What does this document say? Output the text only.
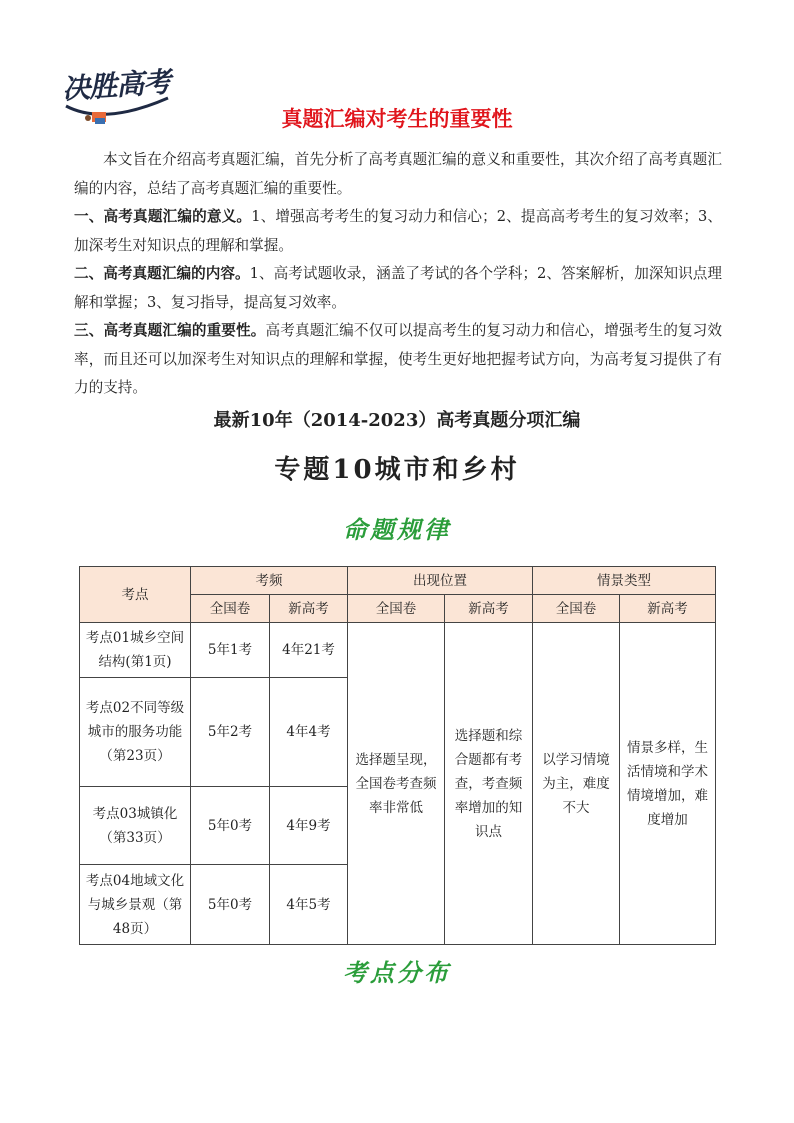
决胜高考
真题汇编对考生的重要性

本文旨在介绍高考真题汇编，首先分析了高考真题汇编的意义和重要性，其次介绍了高考真题汇编的内容，总结了高考真题汇编的重要性。

一、高考真题汇编的意义。1、增强高考考生的复习动力和信心；2、提高高考考生的复习效率；3、加深考生对知识点的理解和掌握。

二、高考真题汇编的内容。1、高考试题收录，涵盖了考试的各个学科；2、答案解析，加深知识点理解和掌握；3、复习指导，提高复习效率。

三、高考真题汇编的重要性。高考真题汇编不仅可以提高考生的复习动力和信心，增强考生的复习效率，而且还可以加深考生对知识点的理解和掌握，使考生更好地把握考试方向，为高考复习提供了有力的支持。

最新10年（2014-2023）高考真题分项汇编
专题10城市和乡村
命题规律
考点	考频		出现位置		情景类型	
	全国卷	新高考	全国卷	新高考	全国卷	新高考
考点01城乡空间结构(第1页)	5年1考	4年21考	选择题呈现，全国卷考查频率非常低	选择题和综合题都有考查，考查频率增加的知识点	以学习情境为主，难度不大	情景多样，生活情境和学术情境增加，难度增加
考点02不同等级城市的服务功能（第23页）	5年2考	4年4考				
考点03城镇化（第33页）	5年0考	4年9考				
考点04地域文化与城乡景观（第48页）	5年0考	4年5考				
考点分布
